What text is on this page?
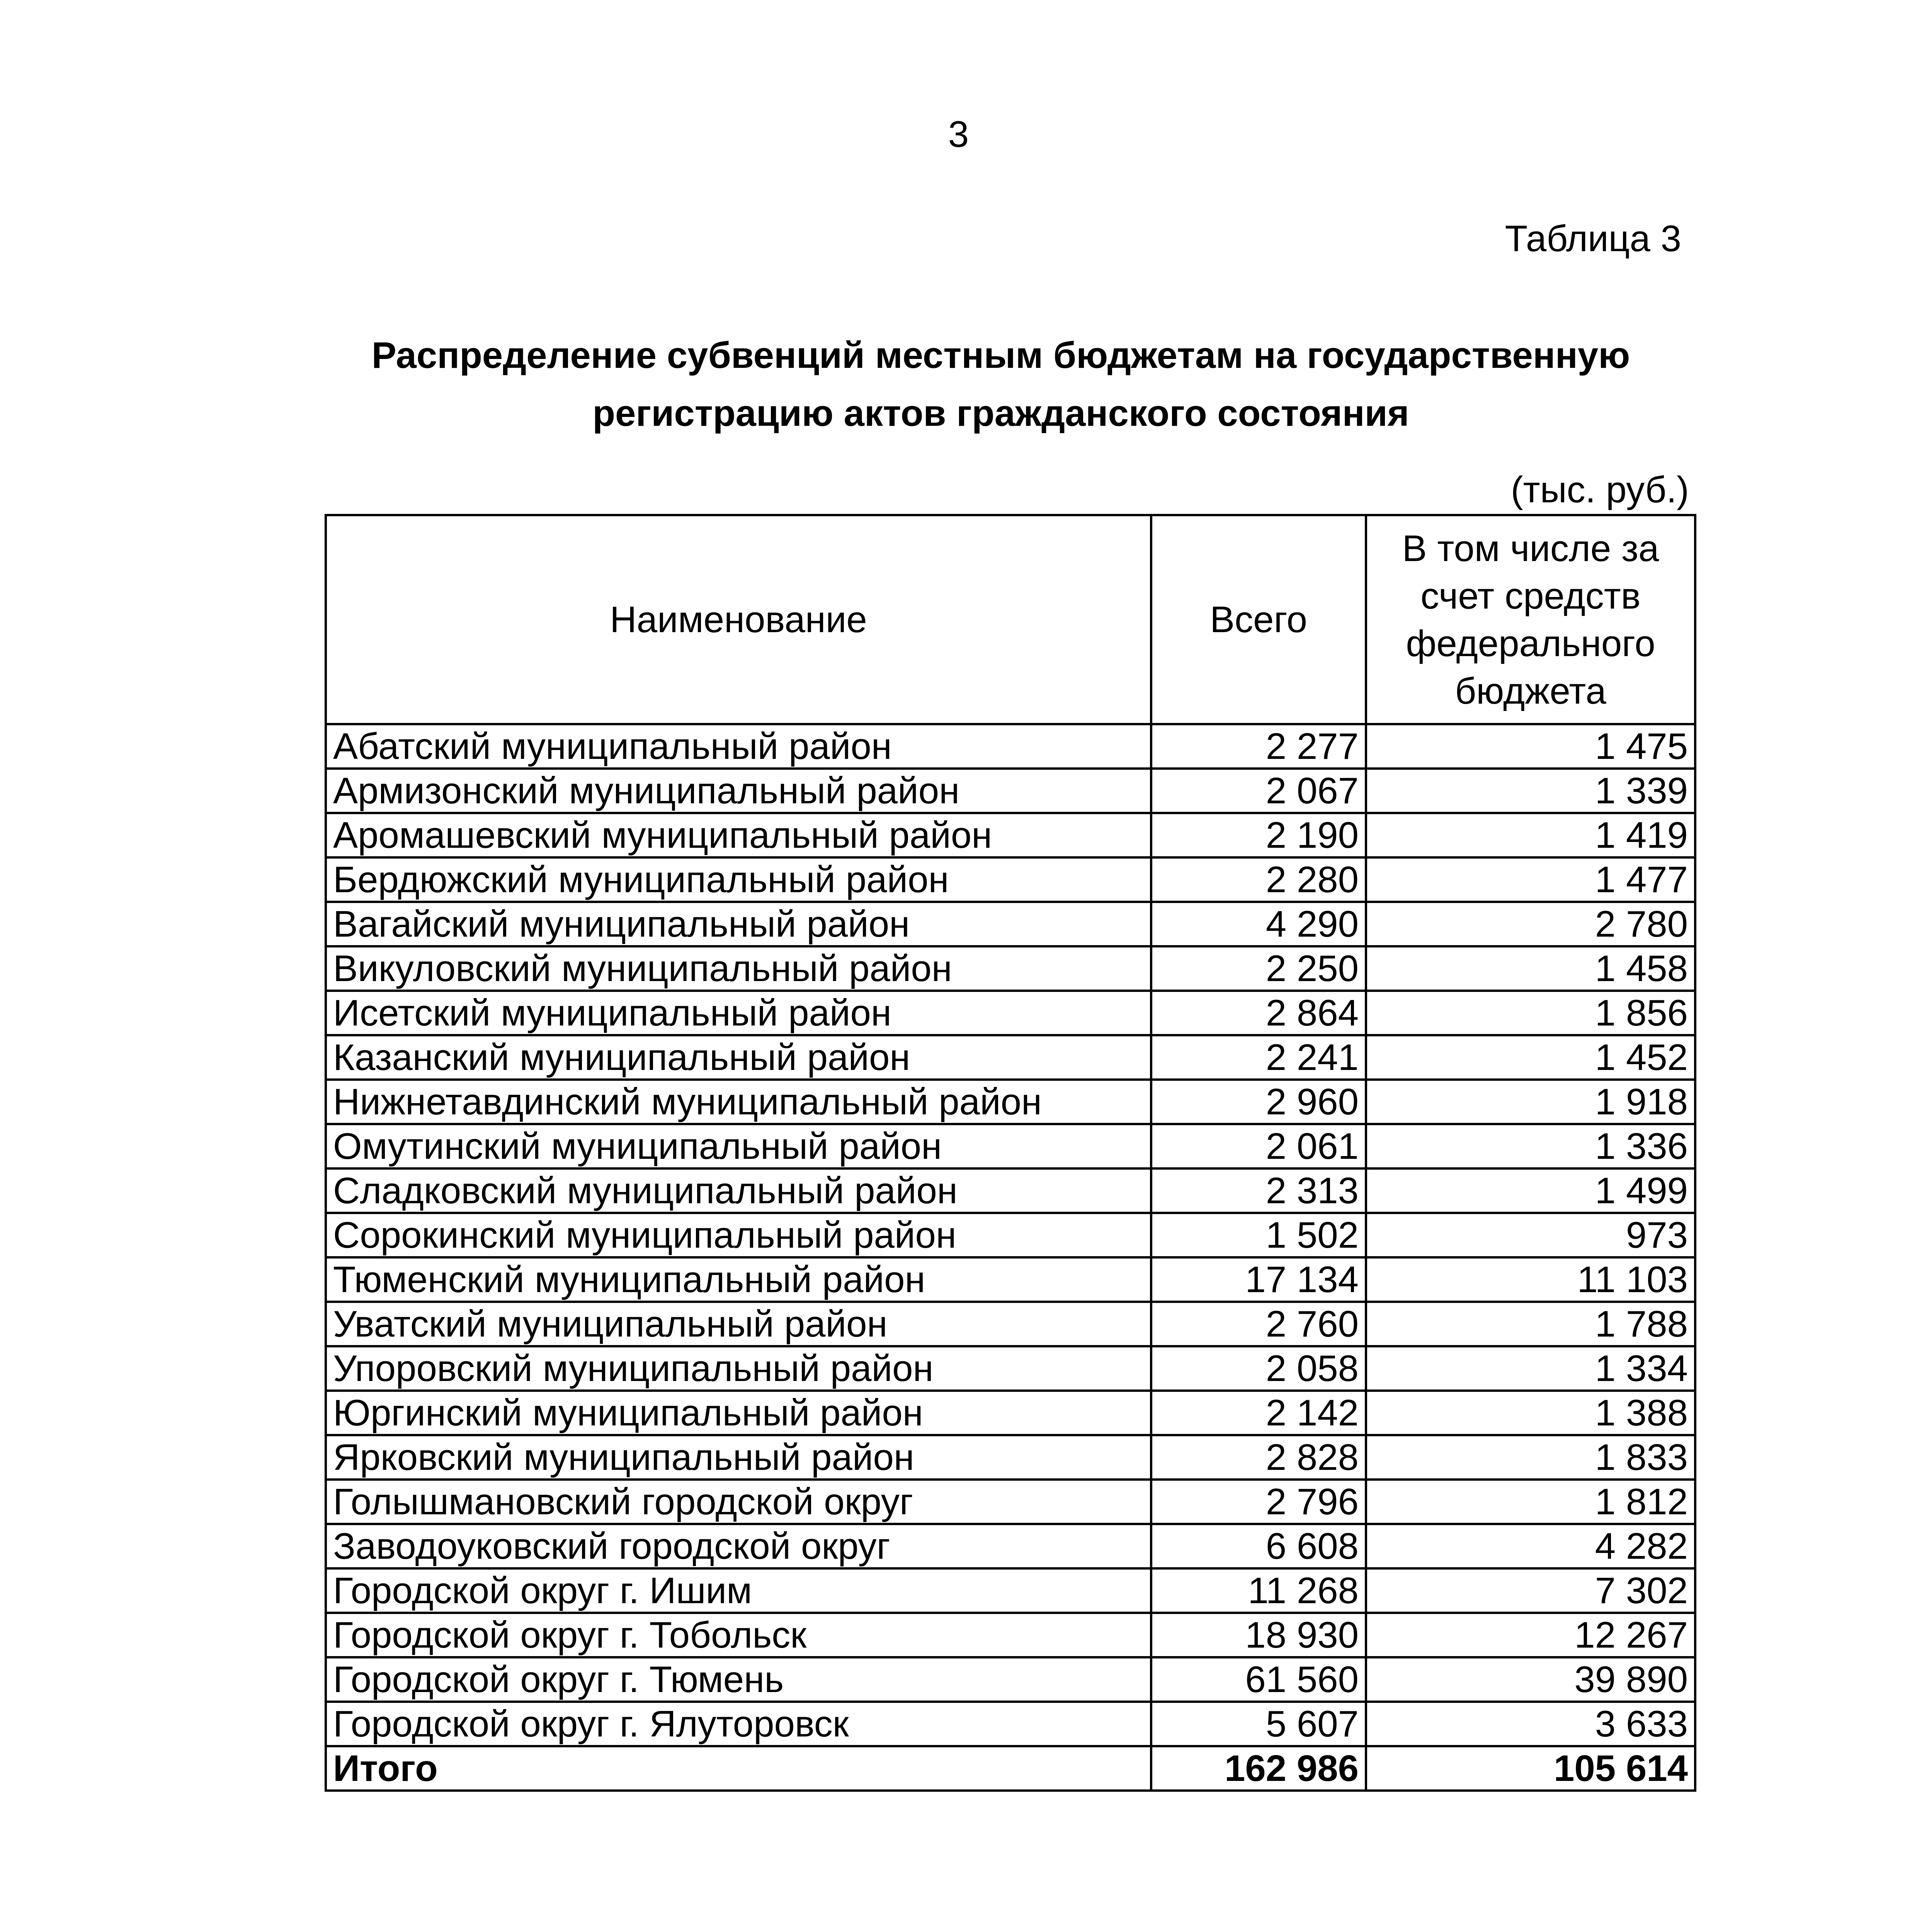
3
Таблица 3
Распределение субвенций местным бюджетам на государственную
регистрацию актов гражданского состояния
(тыс. руб.)
Наименование	Всего	В том числе за счет средств федерального бюджета
Абатский муниципальный район	2 277	1 475
Армизонский муниципальный район	2 067	1 339
Аромашевский муниципальный район	2 190	1 419
Бердюжский муниципальный район	2 280	1 477
Вагайский муниципальный район	4 290	2 780
Викуловский муниципальный район	2 250	1 458
Исетский муниципальный район	2 864	1 856
Казанский муниципальный район	2 241	1 452
Нижнетавдинский муниципальный район	2 960	1 918
Омутинский муниципальный район	2 061	1 336
Сладковский муниципальный район	2 313	1 499
Сорокинский муниципальный район	1 502	973
Тюменский муниципальный район	17 134	11 103
Уватский муниципальный район	2 760	1 788
Упоровский муниципальный район	2 058	1 334
Юргинский муниципальный район	2 142	1 388
Ярковский муниципальный район	2 828	1 833
Голышмановский городской округ	2 796	1 812
Заводоуковский городской округ	6 608	4 282
Городской округ г. Ишим	11 268	7 302
Городской округ г. Тобольск	18 930	12 267
Городской округ г. Тюмень	61 560	39 890
Городской округ г. Ялуторовск	5 607	3 633
Итого	162 986	105 614
